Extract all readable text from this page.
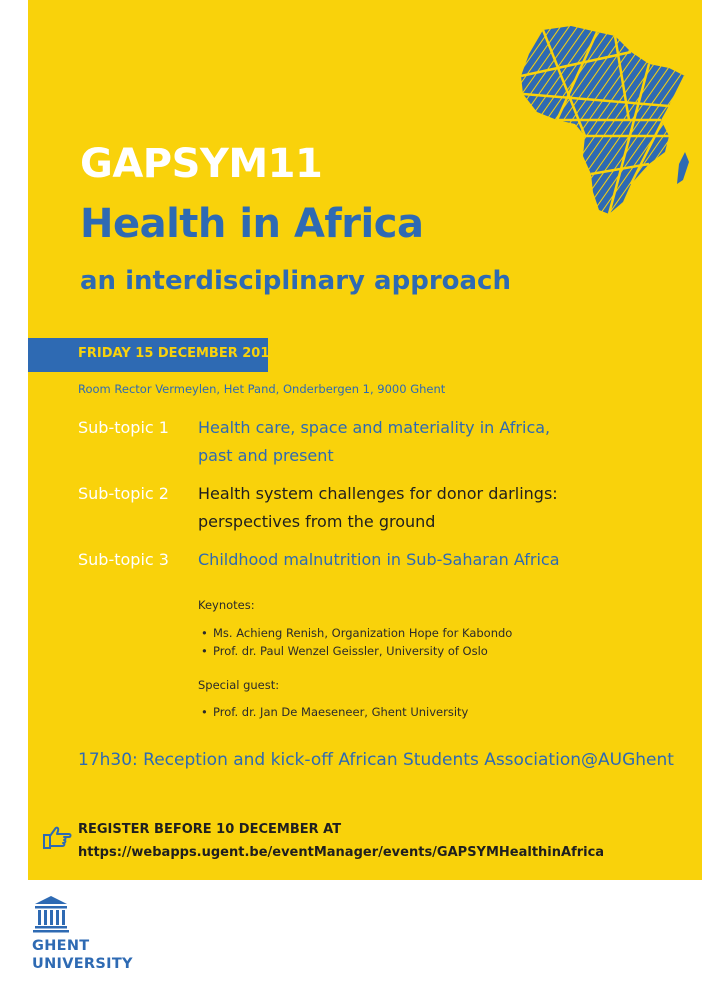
GAPSYM11
Health in Africa
an interdisciplinary approach
FRIDAY 15 DECEMBER 2017
Room Rector Vermeylen, Het Pand, Onderbergen 1, 9000 Ghent
Sub-topic 1 Health care, space and materiality in Africa,
past and present
Sub-topic 2 Health system challenges for donor darlings:
perspectives from the ground
Sub-topic 3 Childhood malnutrition in Sub-Saharan Africa
Keynotes:
• Ms. Achieng Renish, Organization Hope for Kabondo
• Prof. dr. Paul Wenzel Geissler, University of Oslo
Special guest:
• Prof. dr. Jan De Maeseneer, Ghent University
17h30: Reception and kick-off African Students Association@AUGhent
REGISTER BEFORE 10 DECEMBER AT
https://webapps.ugent.be/eventManager/events/GAPSYMHealthinAfrica
GHENT
UNIVERSITY
